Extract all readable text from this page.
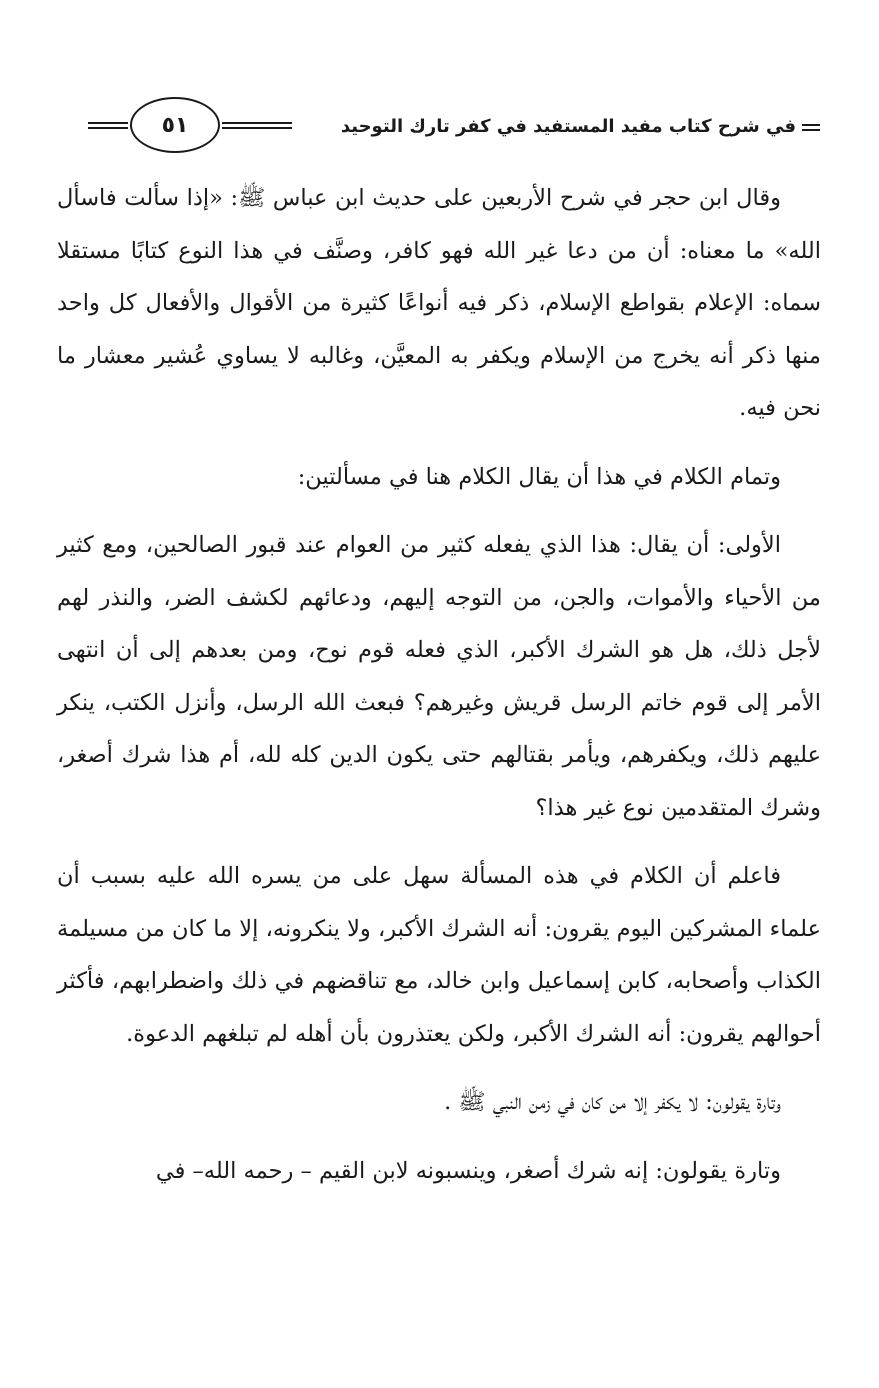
٥١	في شرح كتاب مفيد المستفيد في كفر تارك التوحيد

وقال ابن حجر في شرح الأربعين على حديث ابن عباس ﷺ: «إذا سألت فاسأل الله» ما معناه: أن من دعا غير الله فهو كافر، وصنَّف في هذا النوع كتابًا مستقلا سماه: الإعلام بقواطع الإسلام، ذكر فيه أنواعًا كثيرة من الأقوال والأفعال كل واحد منها ذكر أنه يخرج من الإسلام ويكفر به المعيَّن، وغالبه لا يساوي عُشير معشار ما نحن فيه.

وتمام الكلام في هذا أن يقال الكلام هنا في مسألتين:

الأولى: أن يقال: هذا الذي يفعله كثير من العوام عند قبور الصالحين، ومع كثير من الأحياء والأموات، والجن، من التوجه إليهم، ودعائهم لكشف الضر، والنذر لهم لأجل ذلك، هل هو الشرك الأكبر، الذي فعله قوم نوح، ومن بعدهم إلى أن انتهى الأمر إلى قوم خاتم الرسل قريش وغيرهم؟ فبعث الله الرسل، وأنزل الكتب، ينكر عليهم ذلك، ويكفرهم، ويأمر بقتالهم حتى يكون الدين كله لله، أم هذا شرك أصغر، وشرك المتقدمين نوع غير هذا؟

فاعلم أن الكلام في هذه المسألة سهل على من يسره الله عليه بسبب أن علماء المشركين اليوم يقرون: أنه الشرك الأكبر، ولا ينكرونه، إلا ما كان من مسيلمة الكذاب وأصحابه، كابن إسماعيل وابن خالد، مع تناقضهم في ذلك واضطرابهم، فأكثر أحوالهم يقرون: أنه الشرك الأكبر، ولكن يعتذرون بأن أهله لم تبلغهم الدعوة.

وتارة يقولون: لا يكفر إلا من كان في زمن النبي ﷺ .

وتارة يقولون: إنه شرك أصغر، وينسبونه لابن القيم – رحمه الله– في
